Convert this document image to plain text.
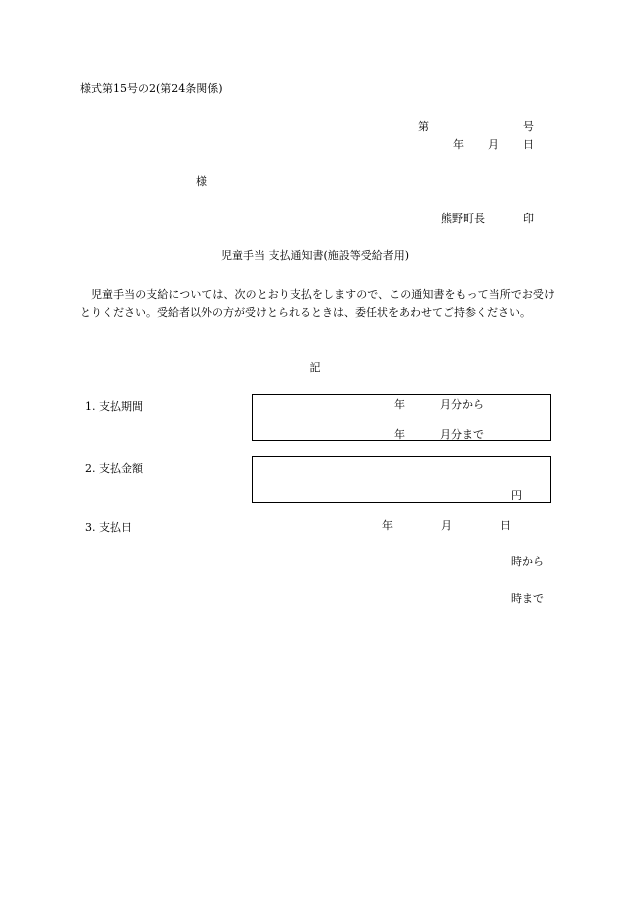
様式第15号の2(第24条関係)
第	号
年 月 日
様
熊野町長	印
児童手当 支払通知書(施設等受給者用)
児童手当の支給については、次のとおり支払をしますので、この通知書をもって当所でお受けとりください。受給者以外の方が受けとられるときは、委任状をあわせてご持参ください。
記
1. 支払期間	年	月分から
年	月分まで
2. 支払金額
円
3. 支払日	年	月	日
時から
時まで
